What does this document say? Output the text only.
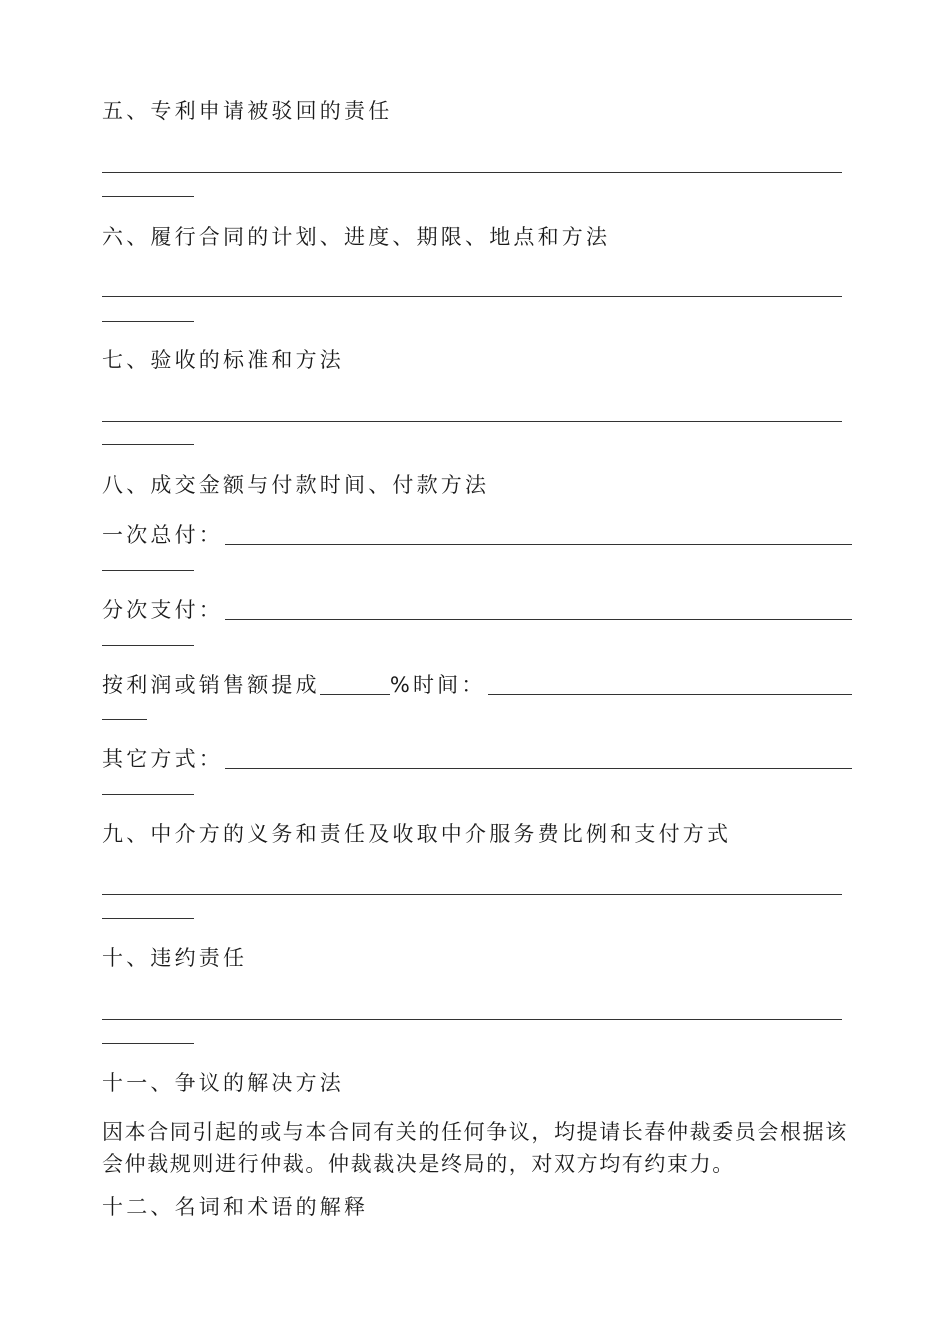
五、专利申请被驳回的责任
六、履行合同的计划、进度、期限、地点和方法
七、验收的标准和方法
八、成交金额与付款时间、付款方法
一次总付：
分次支付：
按利润或销售额提成	%时间：
其它方式：
九、中介方的义务和责任及收取中介服务费比例和支付方式
十、违约责任
十一、争议的解决方法
因本合同引起的或与本合同有关的任何争议，均提请长春仲裁委员会根据该会仲裁规则进行仲裁。仲裁裁决是终局的，对双方均有约束力。
十二、名词和术语的解释
